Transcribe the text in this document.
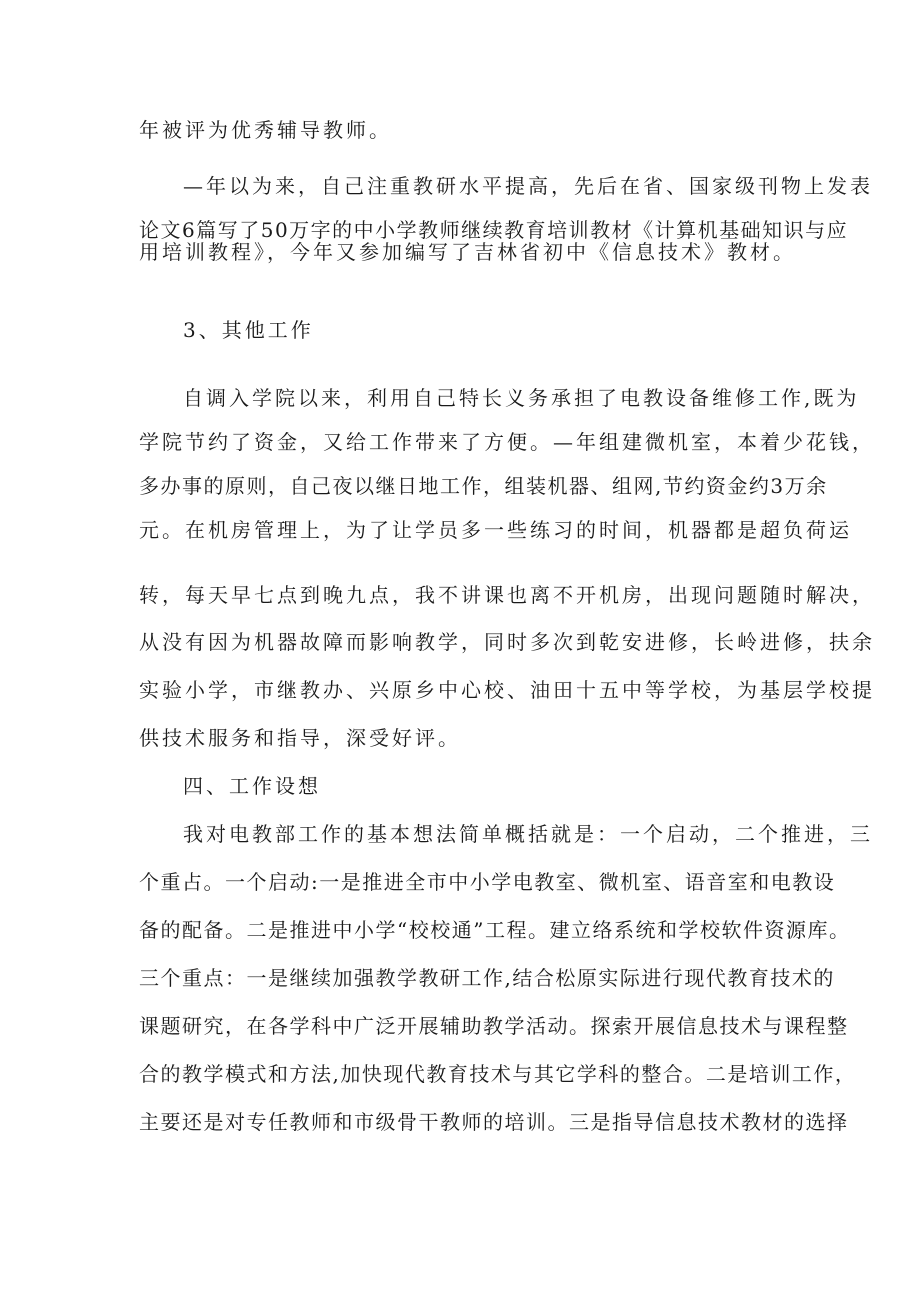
年被评为优秀辅导教师。
—年以为来，自己注重教研水平提高，先后在省、国家级刊物上发表
论文6篇写了50万字的中小学教师继续教育培训教材《计算机基础知识与应
用培训教程》，今年又参加编写了吉林省初中《信息技术》教材。
3、其他工作
自调入学院以来，利用自己特长义务承担了电教设备维修工作,既为
学院节约了资金，又给工作带来了方便。—年组建微机室，本着少花钱，
多办事的原则，自己夜以继日地工作，组装机器、组网,节约资金约3万余
元。在机房管理上，为了让学员多一些练习的时间，机器都是超负荷运
转，每天早七点到晚九点，我不讲课也离不开机房，出现问题随时解决，
从没有因为机器故障而影响教学，同时多次到乾安进修，长岭进修，扶余
实验小学，市继教办、兴原乡中心校、油田十五中等学校，为基层学校提
供技术服务和指导，深受好评。
四、工作设想
我对电教部工作的基本想法简单概括就是：一个启动，二个推进，三
个重占。一个启动:一是推进全市中小学电教室、微机室、语音室和电教设
备的配备。二是推进中小学“校校通”工程。建立络系统和学校软件资源库。
三个重点：一是继续加强教学教研工作,结合松原实际进行现代教育技术的
课题研究，在各学科中广泛开展辅助教学活动。探索开展信息技术与课程整
合的教学模式和方法,加快现代教育技术与其它学科的整合。二是培训工作，
主要还是对专任教师和市级骨干教师的培训。三是指导信息技术教材的选择
